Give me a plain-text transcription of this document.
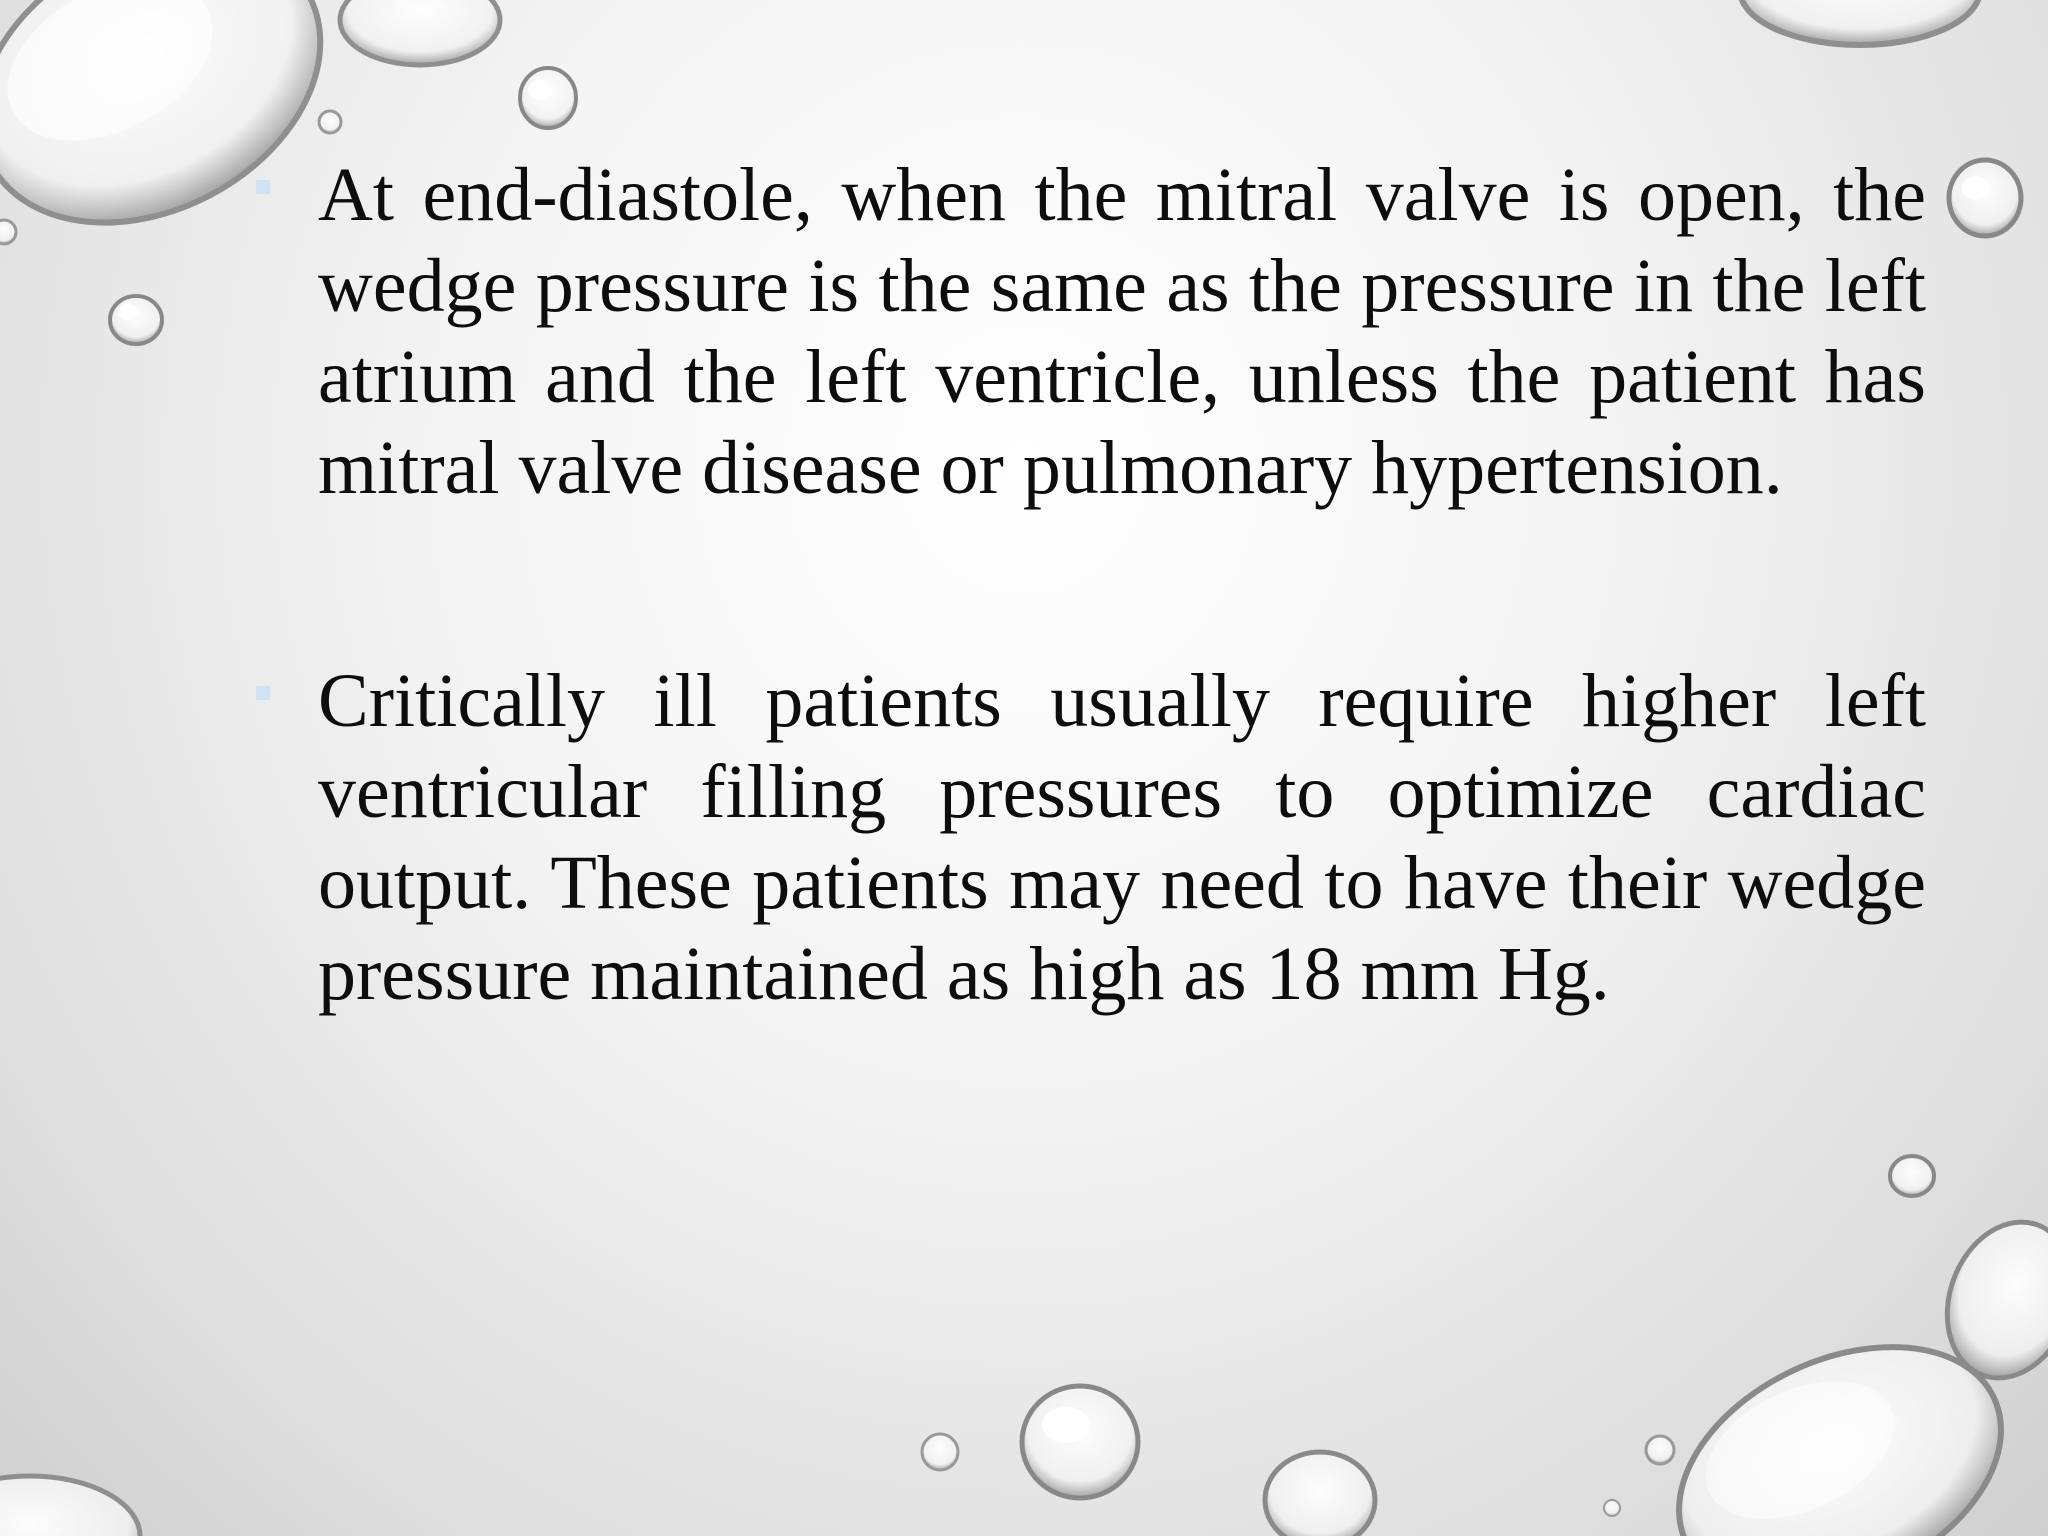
At end-diastole, when the mitral valve is open, the wedge pressure is the same as the pressure in the left atrium and the left ventricle, unless the patient has mitral valve disease or pulmonary hypertension.

Critically ill patients usually require higher left ventricular filling pressures to optimize cardiac output. These patients may need to have their wedge pressure maintained as high as 18 mm Hg.
